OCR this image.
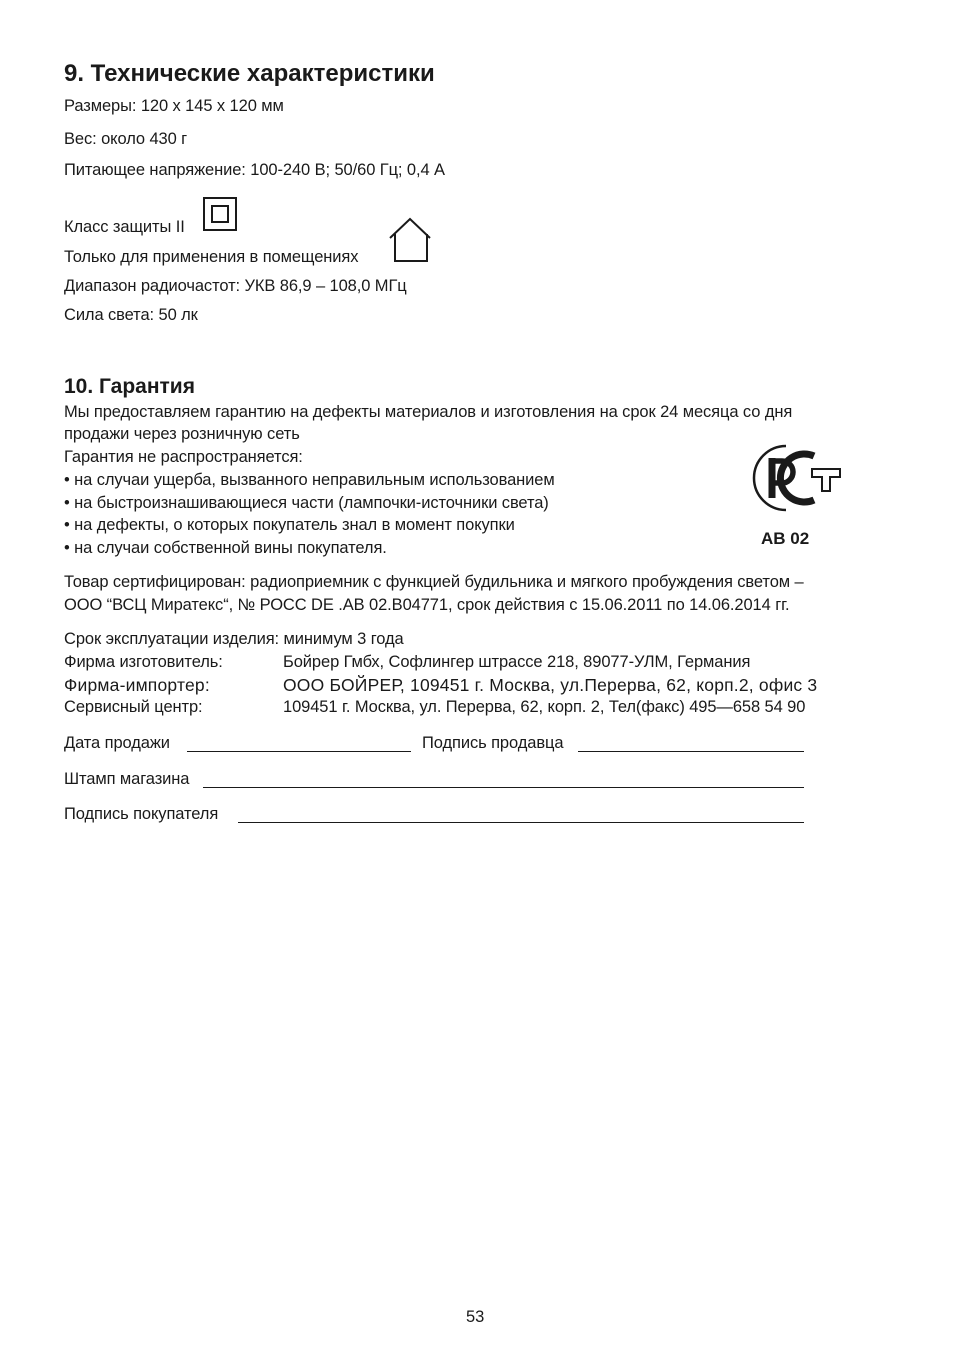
9. Технические характеристики
Размеры: 120 x 145 x 120 мм
Вес: около 430 г
Питающее напряжение: 100-240 В; 50/60 Гц; 0,4 А
Класс защиты II
Только для применения в помещениях
Диапазон радиочастот: УКВ 86,9 – 108,0 МГц
Сила света: 50 лк
10. Гарантия
Мы предоставляем гарантию на дефекты материалов и изготовления на срок 24 месяца со дня
продажи через розничную сеть
Гарантия не распространяется:
• на случаи ущерба, вызванного неправильным использованием
• на быстроизнашивающиеся части (лампочки-источники света)
• на дефекты, о которых покупатель знал в момент покупки
• на случаи собственной вины покупателя.	АВ 02
Товар сертифицирован: радиоприемник с функцией будильника и мягкого пробуждения светом –
ООО “ВСЦ Миратекс“, № РОСС DE .АВ 02.В04771, срок действия с 15.06.2011 по 14.06.2014 гг.
Срок эксплуатации изделия: минимум 3 года
Фирма изготовитель:	Бойрер Гмбх, Софлингер штрассе 218, 89077-УЛМ, Германия
Фирма-импортер:	ООО БОЙРЕР, 109451 г. Москва, ул.Перерва, 62, корп.2, офис 3
Сервисный центр:	109451 г. Москва, ул. Перерва, 62, корп. 2, Тел(факс) 495—658 54 90
Дата продажи	Подпись продавца
Штамп магазина
Подпись покупателя
53
